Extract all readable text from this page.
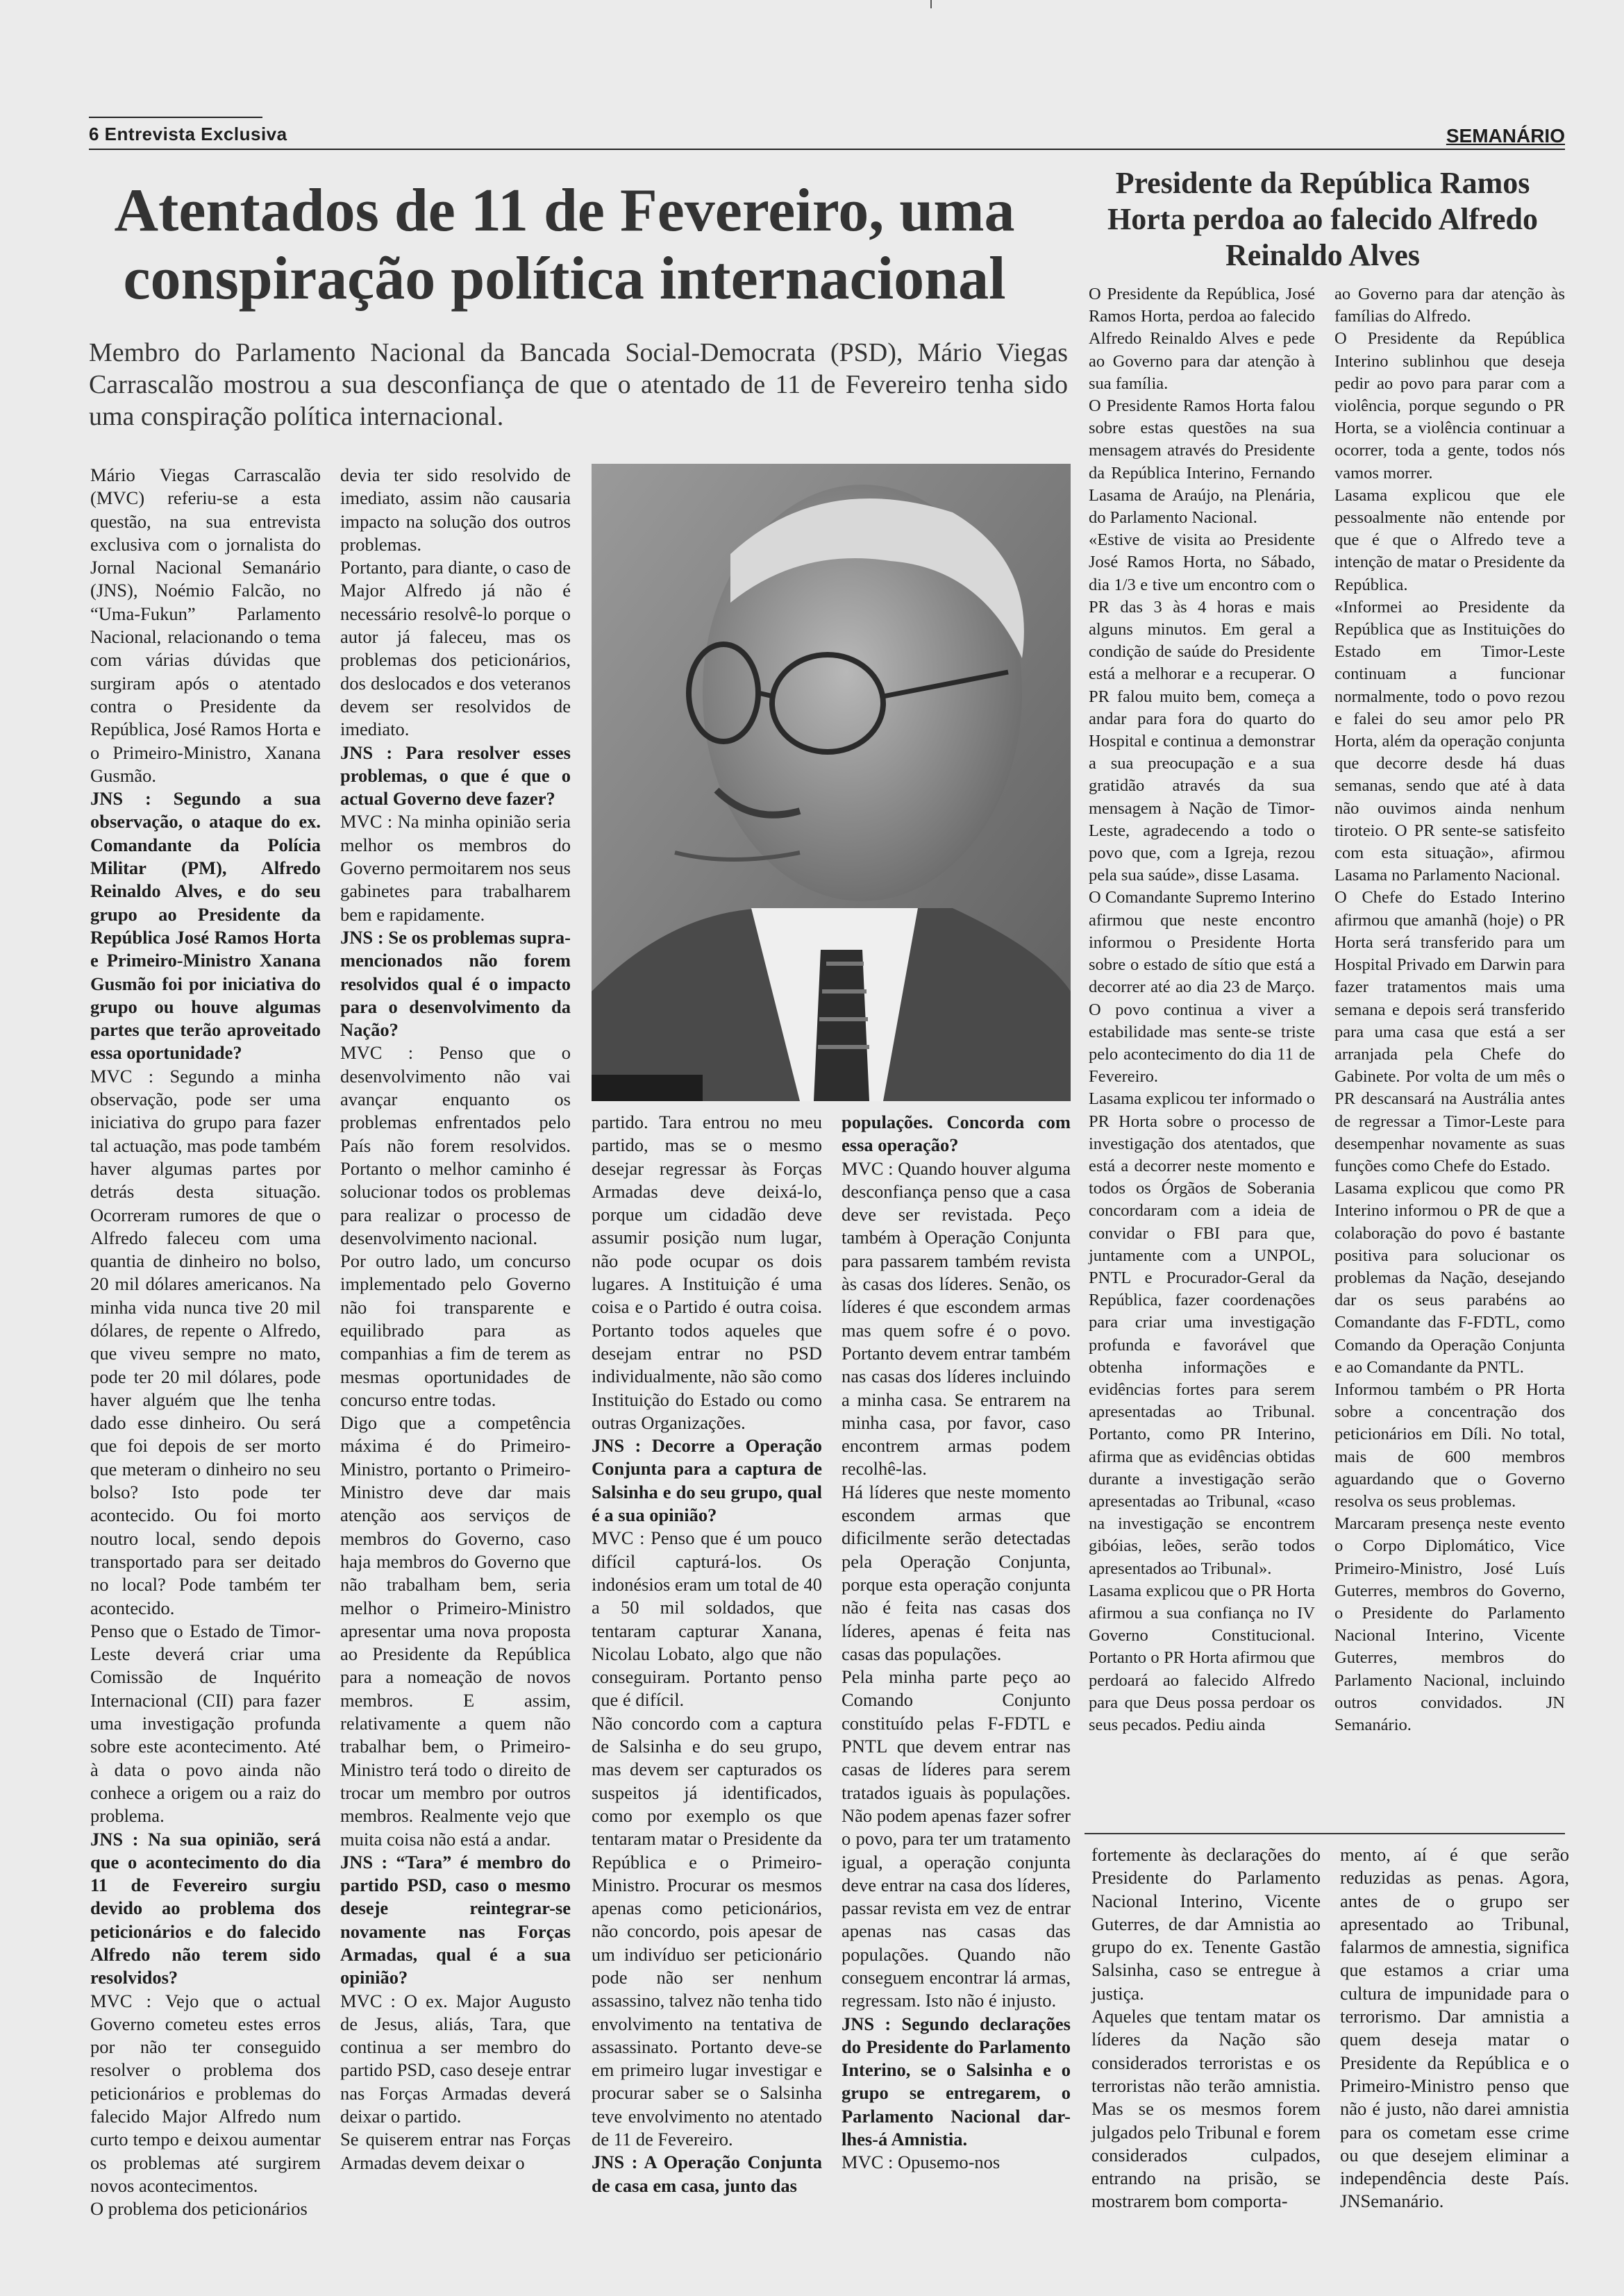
6 Entrevista Exclusiva	SEMANÁRIO
Atentados de 11 de Fevereiro, uma conspiração política internacional
Membro do Parlamento Nacional da Bancada Social-Democrata (PSD), Mário Viegas Carrascalão mostrou a sua desconfiança de que o atentado de 11 de Fevereiro tenha sido uma conspiração política internacional.

Mário Viegas Carrascalão (MVC) referiu-se a esta questão, na sua entrevista exclusiva com o jornalista do Jornal Nacional Semanário (JNS), Noémio Falcão, no “Uma-Fukun” Parlamento Nacional, relacionando o tema com várias dúvidas que surgiram após o atentado contra o Presidente da República, José Ramos Horta e o Primeiro-Ministro, Xanana Gusmão.

JNS : Segundo a sua observação, o ataque do ex. Comandante da Polícia Militar (PM), Alfredo Reinaldo Alves, e do seu grupo ao Presidente da República José Ramos Horta e Primeiro-Ministro Xanana Gusmão foi por iniciativa do grupo ou houve algumas partes que terão aproveitado essa oportunidade?

MVC : Segundo a minha observação, pode ser uma iniciativa do grupo para fazer tal actuação, mas pode também haver algumas partes por detrás desta situação. Ocorreram rumores de que o Alfredo faleceu com uma quantia de dinheiro no bolso, 20 mil dólares americanos. Na minha vida nunca tive 20 mil dólares, de repente o Alfredo, que viveu sempre no mato, pode ter 20 mil dólares, pode haver alguém que lhe tenha dado esse dinheiro. Ou será que foi depois de ser morto que meteram o dinheiro no seu bolso? Isto pode ter acontecido. Ou foi morto noutro local, sendo depois transportado para ser deitado no local? Pode também ter acontecido.

Penso que o Estado de Timor-Leste deverá criar uma Comissão de Inquérito Internacional (CII) para fazer uma investigação profunda sobre este acontecimento. Até à data o povo ainda não conhece a origem ou a raiz do problema.

JNS : Na sua opinião, será que o acontecimento do dia 11 de Fevereiro surgiu devido ao problema dos peticionários e do falecido Alfredo não terem sido resolvidos?

MVC : Vejo que o actual Governo cometeu estes erros por não ter conseguido resolver o problema dos peticionários e problemas do falecido Major Alfredo num curto tempo e deixou aumentar os problemas até surgirem novos acontecimentos.

O problema dos peticionários

devia ter sido resolvido de imediato, assim não causaria impacto na solução dos outros problemas.

Portanto, para diante, o caso de Major Alfredo já não é necessário resolvê-lo porque o autor já faleceu, mas os problemas dos peticionários, dos deslocados e dos veteranos devem ser resolvidos de imediato.

JNS : Para resolver esses problemas, o que é que o actual Governo deve fazer?

MVC : Na minha opinião seria melhor os membros do Governo permoitarem nos seus gabinetes para trabalharem bem e rapidamente.

JNS : Se os problemas supra-mencionados não forem resolvidos qual é o impacto para o desenvolvimento da Nação?

MVC : Penso que o desenvolvimento não vai avançar enquanto os problemas enfrentados pelo País não forem resolvidos. Portanto o melhor caminho é solucionar todos os problemas para realizar o processo de desenvolvimento nacional.

Por outro lado, um concurso implementado pelo Governo não foi transparente e equilibrado para as companhias a fim de terem as mesmas oportunidades de concurso entre todas.

Digo que a competência máxima é do Primeiro-Ministro, portanto o Primeiro-Ministro deve dar mais atenção aos serviços de membros do Governo, caso haja membros do Governo que não trabalham bem, seria melhor o Primeiro-Ministro apresentar uma nova proposta ao Presidente da República para a nomeação de novos membros. E assim, relativamente a quem não trabalhar bem, o Primeiro-Ministro terá todo o direito de trocar um membro por outros membros. Realmente vejo que muita coisa não está a andar.

JNS : “Tara” é membro do partido PSD, caso o mesmo deseje reintegrar-se novamente nas Forças Armadas, qual é a sua opinião?

MVC : O ex. Major Augusto de Jesus, aliás, Tara, que continua a ser membro do partido PSD, caso deseje entrar nas Forças Armadas deverá deixar o partido.

Se quiserem entrar nas Forças Armadas devem deixar o

partido. Tara entrou no meu partido, mas se o mesmo desejar regressar às Forças Armadas deve deixá-lo, porque um cidadão deve assumir posição num lugar, não pode ocupar os dois lugares. A Instituição é uma coisa e o Partido é outra coisa. Portanto todos aqueles que desejam entrar no PSD individualmente, não são como Instituição do Estado ou como outras Organizações.

JNS : Decorre a Operação Conjunta para a captura de Salsinha e do seu grupo, qual é a sua opinião?

MVC : Penso que é um pouco difícil capturá-los. Os indonésios eram um total de 40 a 50 mil soldados, que tentaram capturar Xanana, Nicolau Lobato, algo que não conseguiram. Portanto penso que é difícil.

Não concordo com a captura de Salsinha e do seu grupo, mas devem ser capturados os suspeitos já identificados, como por exemplo os que tentaram matar o Presidente da República e o Primeiro-Ministro. Procurar os mesmos apenas como peticionários, não concordo, pois apesar de um indivíduo ser peticionário pode não ser nenhum assassino, talvez não tenha tido envolvimento na tentativa de assassinato. Portanto deve-se em primeiro lugar investigar e procurar saber se o Salsinha teve envolvimento no atentado de 11 de Fevereiro.

JNS : A Operação Conjunta de casa em casa, junto das

populações. Concorda com essa operação?

MVC : Quando houver alguma desconfiança penso que a casa deve ser revistada. Peço também à Operação Conjunta para passarem também revista às casas dos líderes. Senão, os líderes é que escondem armas mas quem sofre é o povo. Portanto devem entrar também nas casas dos líderes incluindo a minha casa. Se entrarem na minha casa, por favor, caso encontrem armas podem recolhê-las.

Há líderes que neste momento escondem armas que dificilmente serão detectadas pela Operação Conjunta, porque esta operação conjunta não é feita nas casas dos líderes, apenas é feita nas casas das populações.

Pela minha parte peço ao Comando Conjunto constituído pelas F-FDTL e PNTL que devem entrar nas casas de líderes para serem tratados iguais às populações. Não podem apenas fazer sofrer o povo, para ter um tratamento igual, a operação conjunta deve entrar na casa dos líderes, passar revista em vez de entrar apenas nas casas das populações. Quando não conseguem encontrar lá armas, regressam. Isto não é injusto.

JNS : Segundo declarações do Presidente do Parlamento Interino, se o Salsinha e o grupo se entregarem, o Parlamento Nacional dar-lhes-á Amnistia.

MVC : Opusemo-nos

Presidente da República Ramos Horta perdoa ao falecido Alfredo Reinaldo Alves

O Presidente da República, José Ramos Horta, perdoa ao falecido Alfredo Reinaldo Alves e pede ao Governo para dar atenção à sua família.

O Presidente Ramos Horta falou sobre estas questões na sua mensagem através do Presidente da República Interino, Fernando Lasama de Araújo, na Plenária, do Parlamento Nacional.

«Estive de visita ao Presidente José Ramos Horta, no Sábado, dia 1/3 e tive um encontro com o PR das 3 às 4 horas e mais alguns minutos. Em geral a condição de saúde do Presidente está a melhorar e a recuperar. O PR falou muito bem, começa a andar para fora do quarto do Hospital e continua a demonstrar a sua preocupação e a sua gratidão através da sua mensagem à Nação de Timor-Leste, agradecendo a todo o povo que, com a Igreja, rezou pela sua saúde», disse Lasama.

O Comandante Supremo Interino afirmou que neste encontro informou o Presidente Horta sobre o estado de sítio que está a decorrer até ao dia 23 de Março. O povo continua a viver a estabilidade mas sente-se triste pelo acontecimento do dia 11 de Fevereiro.

Lasama explicou ter informado o PR Horta sobre o processo de investigação dos atentados, que está a decorrer neste momento e todos os Órgãos de Soberania concordaram com a ideia de convidar o FBI para que, juntamente com a UNPOL, PNTL e Procurador-Geral da República, fazer coordenações para criar uma investigação profunda e favorável que obtenha informações e evidências fortes para serem apresentadas ao Tribunal. Portanto, como PR Interino, afirma que as evidências obtidas durante a investigação serão apresentadas ao Tribunal, «caso na investigação se encontrem gibóias, leões, serão todos apresentados ao Tribunal».

Lasama explicou que o PR Horta afirmou a sua confiança no IV Governo Constitucional. Portanto o PR Horta afirmou que perdoará ao falecido Alfredo para que Deus possa perdoar os seus pecados. Pediu ainda

ao Governo para dar atenção às famílias do Alfredo.

O Presidente da República Interino sublinhou que deseja pedir ao povo para parar com a violência, porque segundo o PR Horta, se a violência continuar a ocorrer, toda a gente, todos nós vamos morrer.

Lasama explicou que ele pessoalmente não entende por que é que o Alfredo teve a intenção de matar o Presidente da República.

«Informei ao Presidente da República que as Instituições do Estado em Timor-Leste continuam a funcionar normalmente, todo o povo rezou e falei do seu amor pelo PR Horta, além da operação conjunta que decorre desde há duas semanas, sendo que até à data não ouvimos ainda nenhum tiroteio. O PR sente-se satisfeito com esta situação», afirmou Lasama no Parlamento Nacional.

O Chefe do Estado Interino afirmou que amanhã (hoje) o PR Horta será transferido para um Hospital Privado em Darwin para fazer tratamentos mais uma semana e depois será transferido para uma casa que está a ser arranjada pela Chefe do Gabinete. Por volta de um mês o PR descansará na Austrália antes de regressar a Timor-Leste para desempenhar novamente as suas funções como Chefe do Estado.

Lasama explicou que como PR Interino informou o PR de que a colaboração do povo é bastante positiva para solucionar os problemas da Nação, desejando dar os seus parabéns ao Comandante das F-FDTL, como Comando da Operação Conjunta e ao Comandante da PNTL.

Informou também o PR Horta sobre a concentração dos peticionários em Díli. No total, mais de 600 membros aguardando que o Governo resolva os seus problemas.

Marcaram presença neste evento o Corpo Diplomático, Vice Primeiro-Ministro, José Luís Guterres, membros do Governo, o Presidente do Parlamento Nacional Interino, Vicente Guterres, membros do Parlamento Nacional, incluindo outros convidados. JN Semanário.

fortemente às declarações do Presidente do Parlamento Nacional Interino, Vicente Guterres, de dar Amnistia ao grupo do ex. Tenente Gastão Salsinha, caso se entregue à justiça.

Aqueles que tentam matar os líderes da Nação são considerados terroristas e os terroristas não terão amnistia. Mas se os mesmos forem julgados pelo Tribunal e forem considerados culpados, entrando na prisão, se mostrarem bom comporta-

mento, aí é que serão reduzidas as penas. Agora, antes de o grupo ser apresentado ao Tribunal, falarmos de amnestia, significa que estamos a criar uma cultura de impunidade para o terrorismo. Dar amnistia a quem deseja matar o Presidente da República e o Primeiro-Ministro penso que não é justo, não darei amnistia para os cometam esse crime ou que desejem eliminar a independência deste País. JNSemanário.
